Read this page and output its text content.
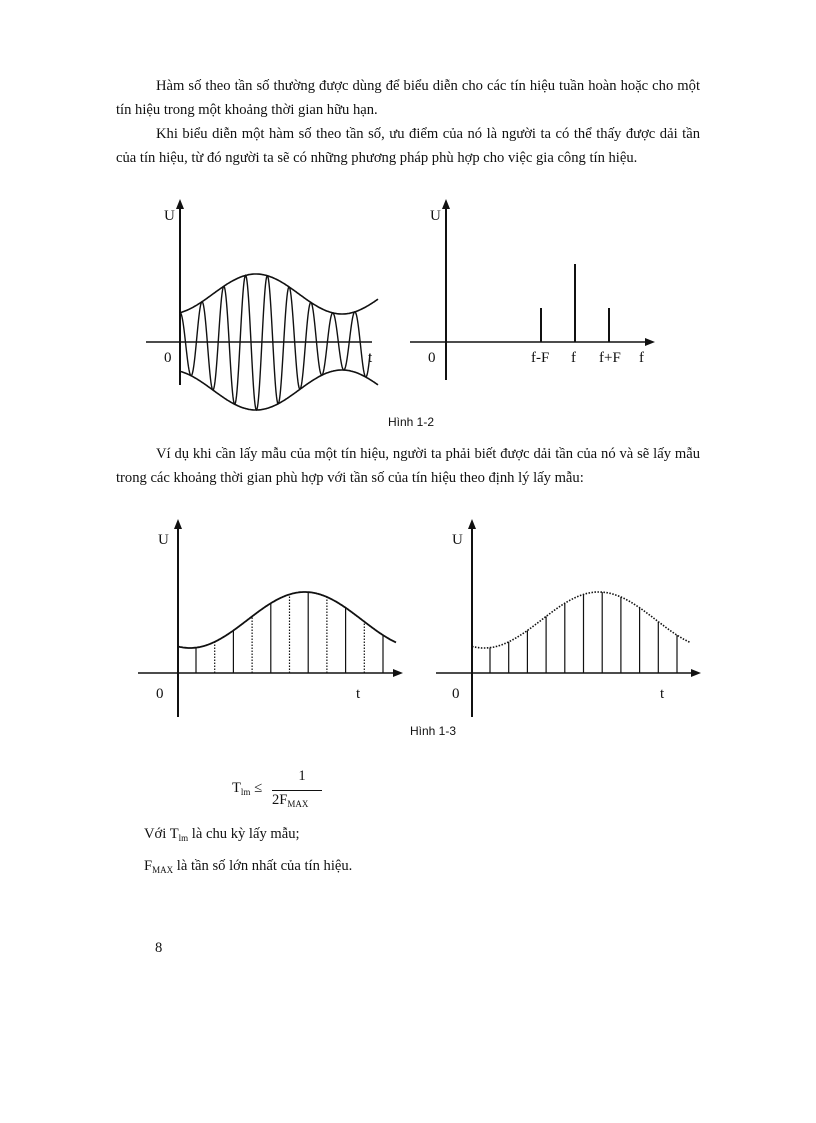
Hàm số theo tần số thường được dùng để biểu diễn cho các tín hiệu tuần hoàn hoặc cho một tín hiệu trong một khoảng thời gian hữu hạn.

Khi biểu diễn một hàm số theo tần số, ưu điểm của nó là người ta có thể thấy được dải tần của tín hiệu, từ đó người ta sẽ có những phương pháp phù hợp cho việc gia công tín hiệu.

U
0	t
U
0	f-F f f+F f
Hình 1-2

Ví dụ khi cần lấy mẫu của một tín hiệu, người ta phải biết được dải tần của nó và sẽ lấy mẫu trong các khoảng thời gian phù hợp với tần số của tín hiệu theo định lý lấy mẫu:

U
0	t
U
0	t
Hình 1-3
$T_{lm}$ ≤
1
$2F_{MAX}$
Với $T_{lm}$ là chu kỳ lấy mẫu;
$F_{MAX}$ là tần số lớn nhất của tín hiệu.
8
